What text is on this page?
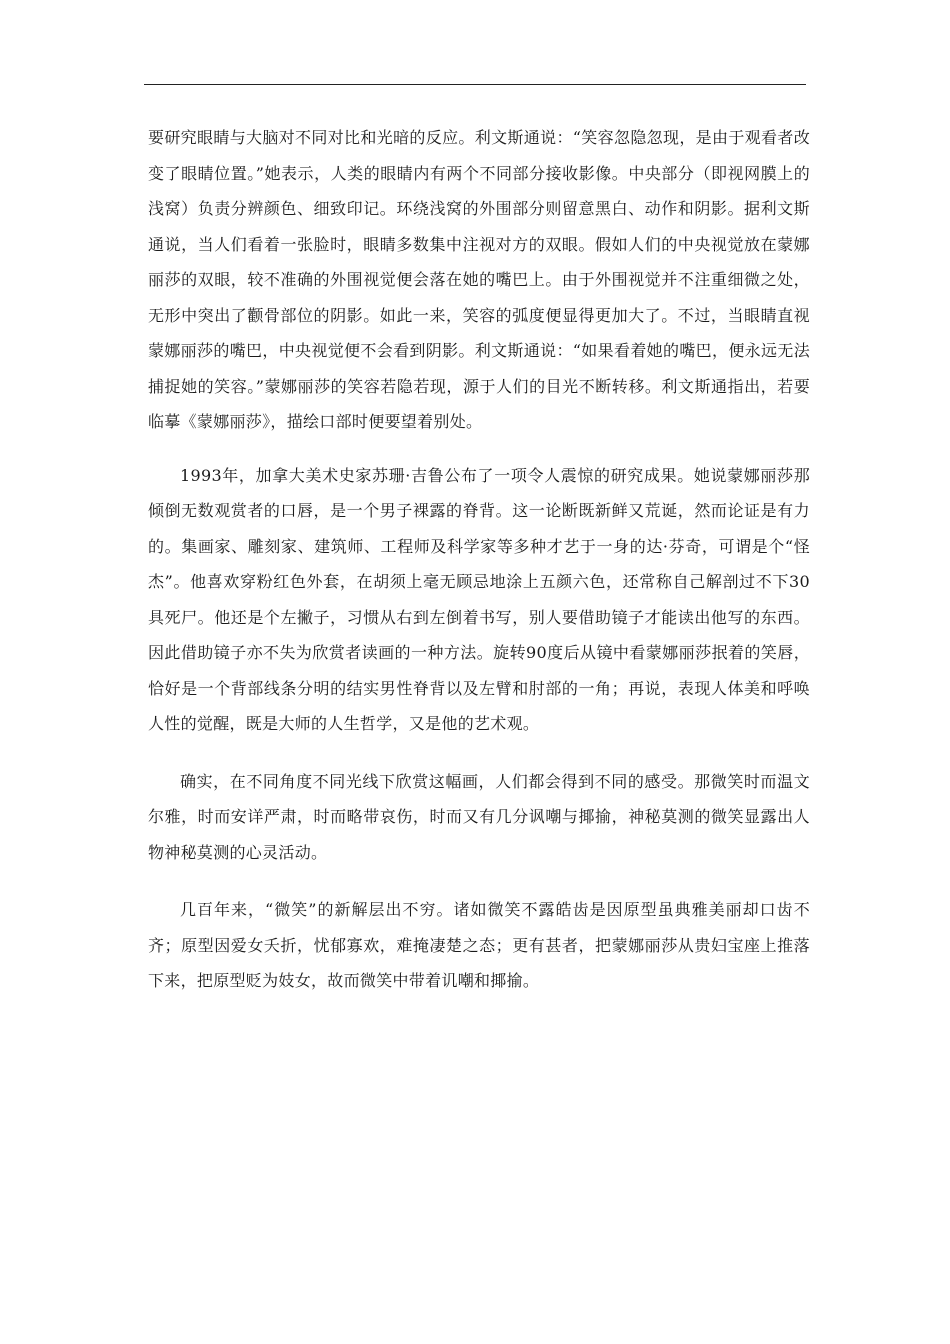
要研究眼睛与大脑对不同对比和光暗的反应。利文斯通说：“笑容忽隐忽现，是由于观看者改变了眼睛位置。”她表示，人类的眼睛内有两个不同部分接收影像。中央部分（即视网膜上的浅窝）负责分辨颜色、细致印记。环绕浅窝的外围部分则留意黑白、动作和阴影。据利文斯通说，当人们看着一张脸时，眼睛多数集中注视对方的双眼。假如人们的中央视觉放在蒙娜丽莎的双眼，较不准确的外围视觉便会落在她的嘴巴上。由于外围视觉并不注重细微之处，无形中突出了颧骨部位的阴影。如此一来，笑容的弧度便显得更加大了。不过，当眼睛直视蒙娜丽莎的嘴巴，中央视觉便不会看到阴影。利文斯通说：“如果看着她的嘴巴，便永远无法捕捉她的笑容。”蒙娜丽莎的笑容若隐若现，源于人们的目光不断转移。利文斯通指出，若要临摹《蒙娜丽莎》，描绘口部时便要望着别处。

1993年，加拿大美术史家苏珊·吉鲁公布了一项令人震惊的研究成果。她说蒙娜丽莎那倾倒无数观赏者的口唇，是一个男子裸露的脊背。这一论断既新鲜又荒诞，然而论证是有力的。集画家、雕刻家、建筑师、工程师及科学家等多种才艺于一身的达·芬奇，可谓是个“怪杰”。他喜欢穿粉红色外套，在胡须上毫无顾忌地涂上五颜六色，还常称自己解剖过不下30具死尸。他还是个左撇子，习惯从右到左倒着书写，别人要借助镜子才能读出他写的东西。因此借助镜子亦不失为欣赏者读画的一种方法。旋转90度后从镜中看蒙娜丽莎抿着的笑唇，恰好是一个背部线条分明的结实男性脊背以及左臂和肘部的一角；再说，表现人体美和呼唤人性的觉醒，既是大师的人生哲学，又是他的艺术观。

确实，在不同角度不同光线下欣赏这幅画，人们都会得到不同的感受。那微笑时而温文尔雅，时而安详严肃，时而略带哀伤，时而又有几分讽嘲与揶揄，神秘莫测的微笑显露出人物神秘莫测的心灵活动。

几百年来，“微笑”的新解层出不穷。诸如微笑不露皓齿是因原型虽典雅美丽却口齿不齐；原型因爱女夭折，忧郁寡欢，难掩凄楚之态；更有甚者，把蒙娜丽莎从贵妇宝座上推落下来，把原型贬为妓女，故而微笑中带着讥嘲和揶揄。
